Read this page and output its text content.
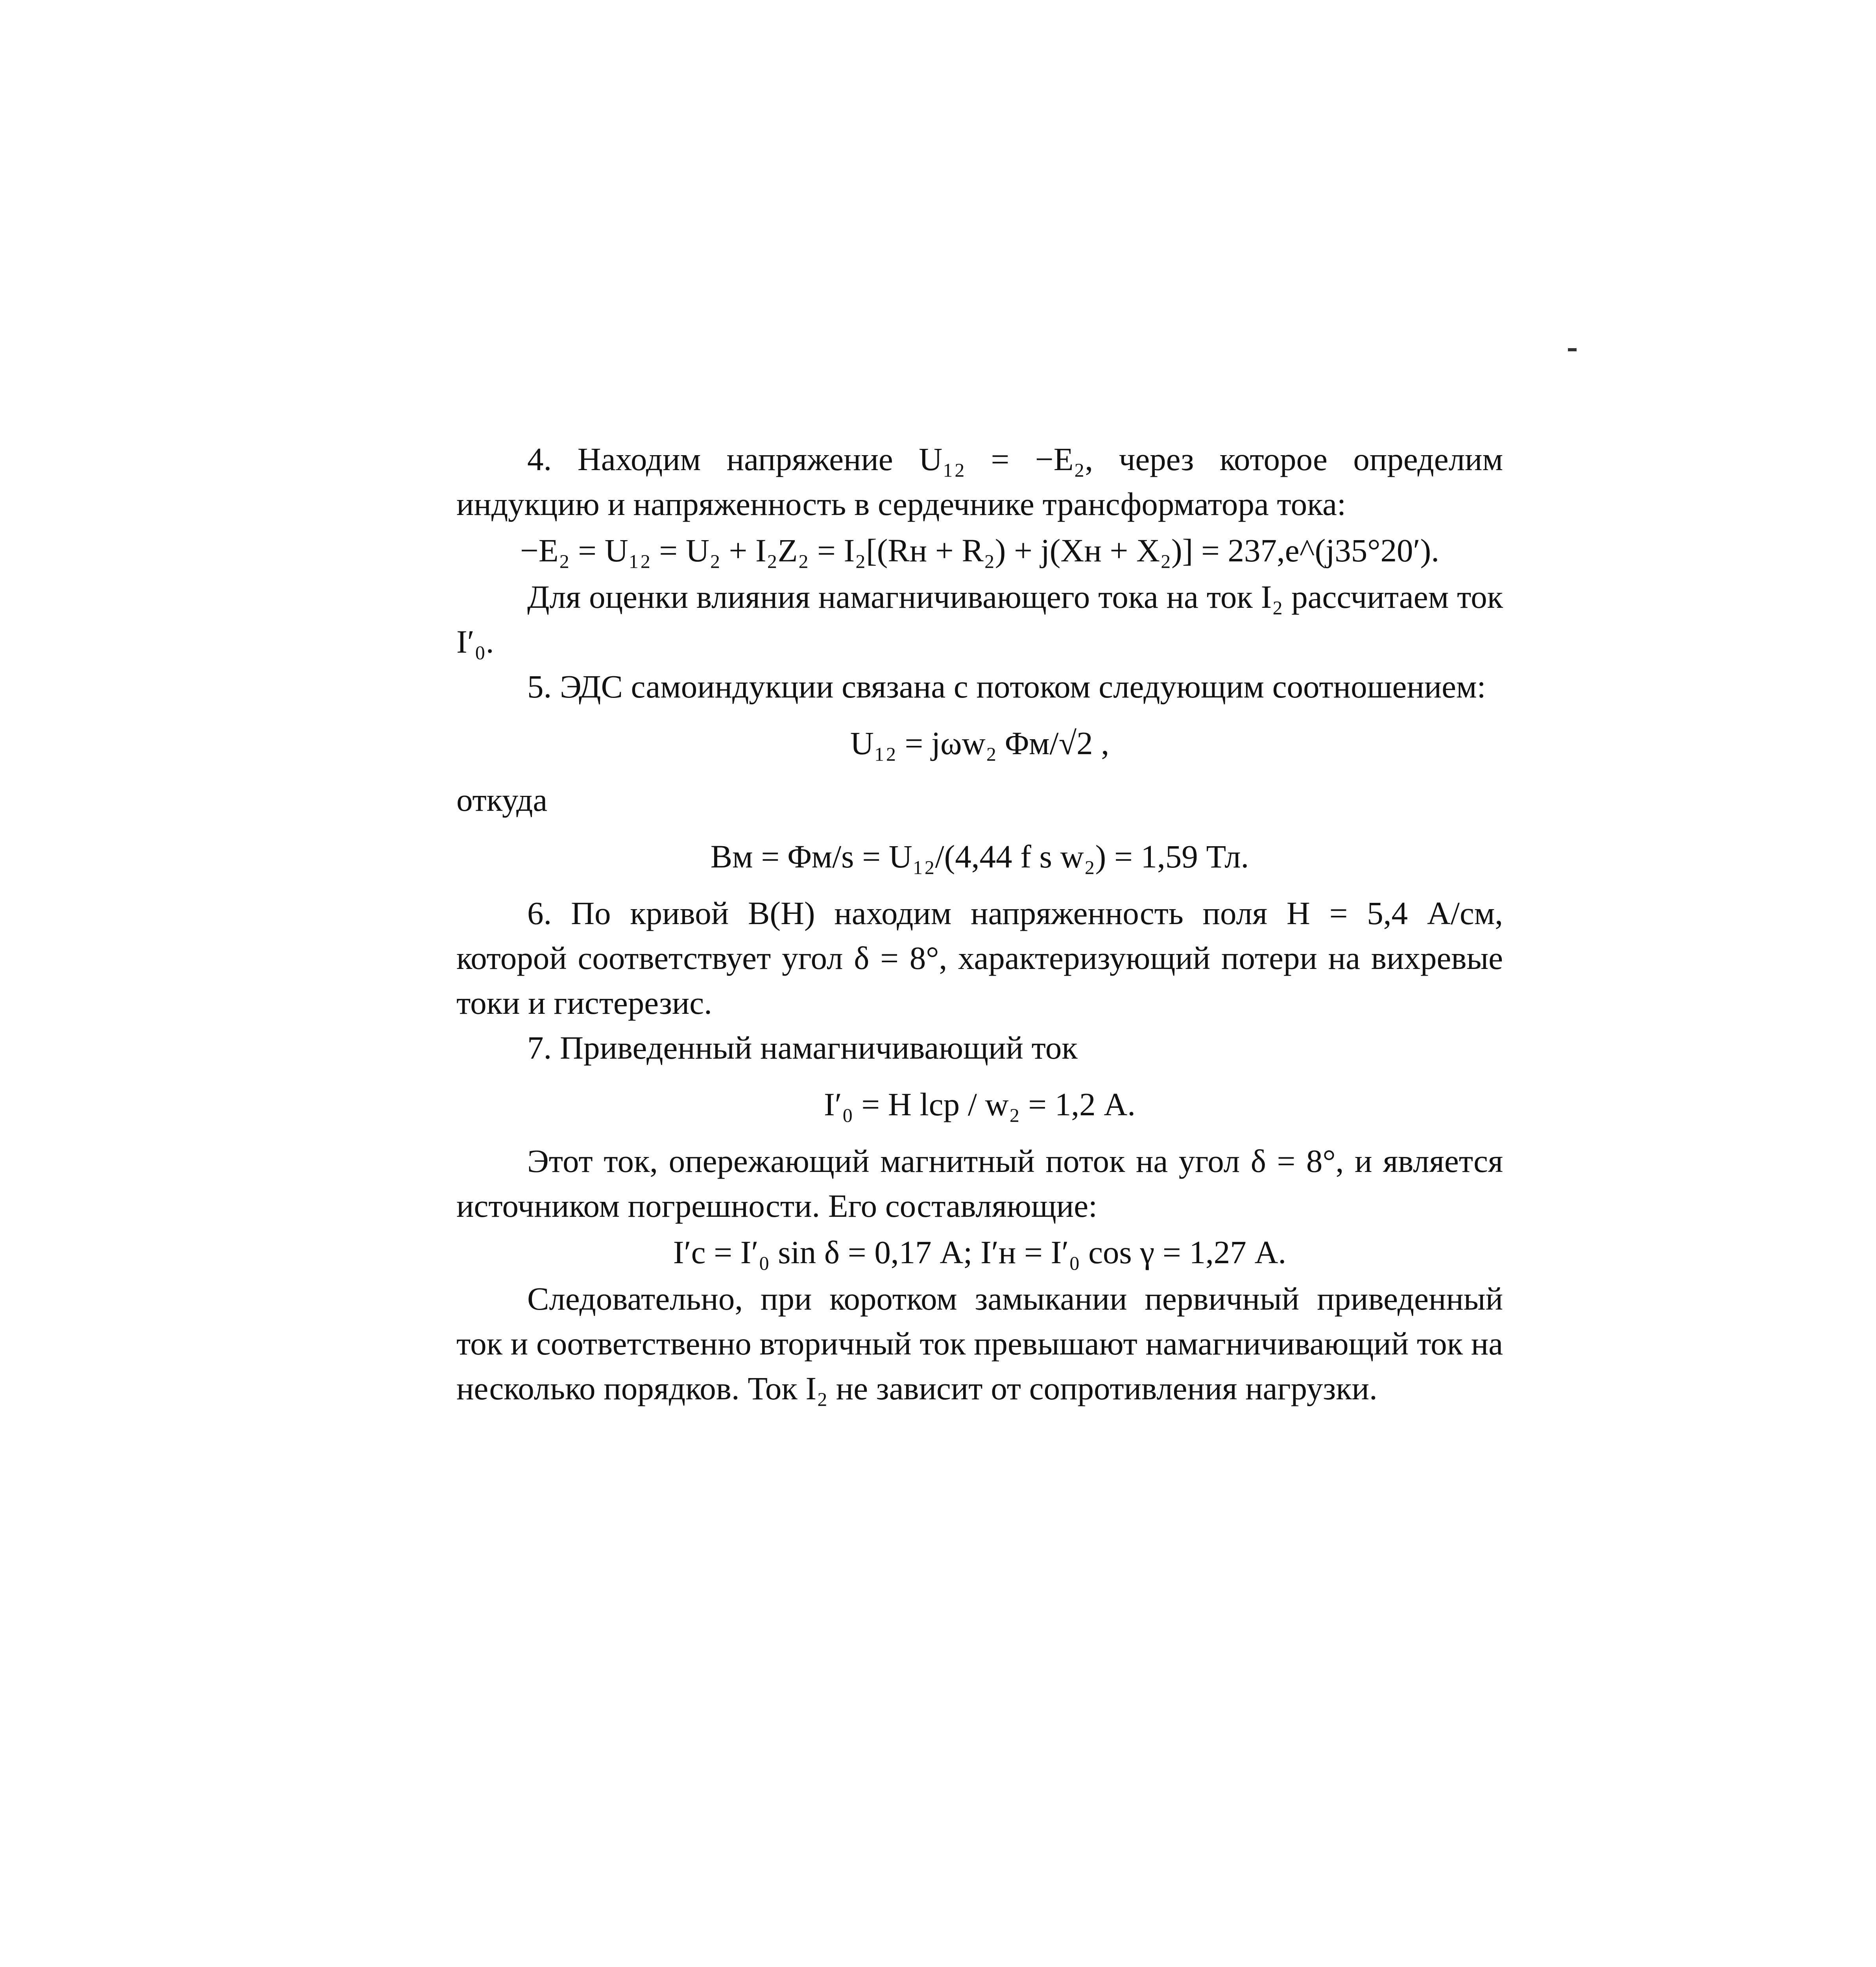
4. Находим напряжение U₁₂ = −E₂, через которое определим индукцию и напряженность в сердечнике трансформатора тока:

−E₂ = U₁₂ = U₂ + I₂Z₂ = I₂[(Rн + R₂) + j(Xн + X₂)] = 237,e^(j35°20′).

Для оценки влияния намагничивающего тока на ток I₂ рассчитаем ток I′₀.

5. ЭДС самоиндукции связана с потоком следующим соотношением:

U₁₂ = jωw₂ Φм/√2 ,

откуда

Bм = Φм/s = U₁₂/(4,44 f s w₂) = 1,59 Тл.

6. По кривой B(H) находим напряженность поля H = 5,4 А/см, которой соответствует угол δ = 8°, характеризующий потери на вихревые токи и гистерезис.

7. Приведенный намагничивающий ток

I′₀ = H lср / w₂ = 1,2 А.

Этот ток, опережающий магнитный поток на угол δ = 8°, и является источником погрешности. Его составляющие:

I′с = I′₀ sin δ = 0,17 А; I′н = I′₀ cos γ = 1,27 А.

Следовательно, при коротком замыкании первичный приведенный ток и соответственно вторичный ток превышают намагничивающий ток на несколько порядков. Ток I₂ не зависит от сопротивления нагрузки.
